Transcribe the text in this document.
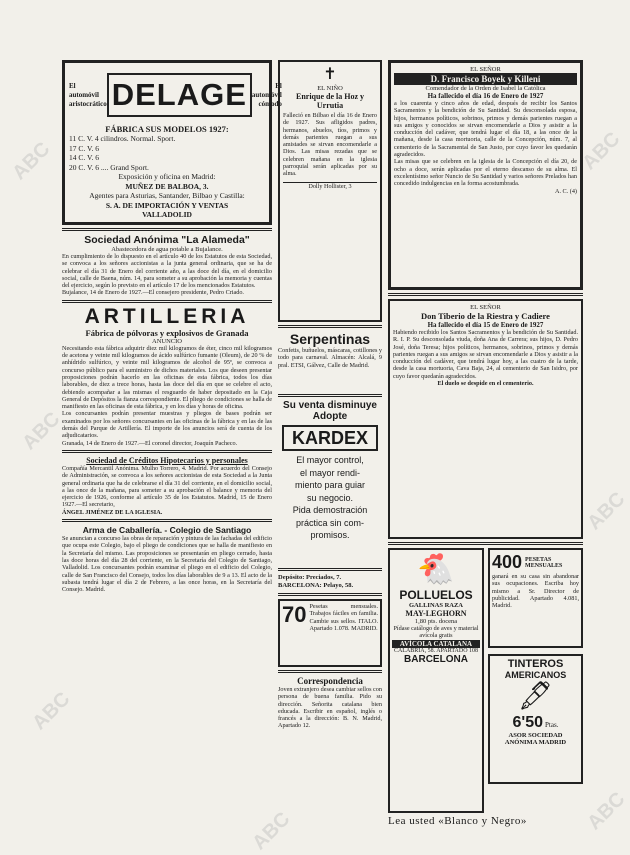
ABC
ABC
ABC
ABC
ABC
ABC
ABC
El automóvil
aristocrático DELAGE	El automóvil
cómodo
FÁBRICA SUS MODELOS 1927:
11 C. V. 4 cilindros. Normal. Sport.
17 C. V. 6
14 C. V. 6
20 C. V. 6 .... Grand Sport.
Exposición y oficina en Madrid:
MUÑEZ DE BALBOA, 3.
Agentes para Asturias, Santander, Bilbao y Castilla:
S. A. DE IMPORTACIÓN Y VENTAS
VALLADOLID
Sociedad Anónima "La Alameda"
Abastecedora de agua potable a Bujalance.
En cumplimiento de lo dispuesto en el artículo 40 de los Estatutos de esta Sociedad, se convoca a los señores accionistas a la junta general ordinaria, que se ha de celebrar el día 31 de Enero del corriente año, a las doce del día, en el domicilio social, calle de Baena, núm. 14, para someter a su aprobación la memoria y cuentas del ejercicio, según lo previsto en el artículo 17 de los mencionados Estatutos.
Bujalance, 14 de Enero de 1927.—El consejero presidente, Pedro Criado.
ARTILLERIA
Fábrica de pólvoras y explosivos de Granada
ANUNCIO
Necesitando esta fábrica adquirir diez mil kilogramos de éter, cinco mil kilogramos de acetona y veinte mil kilogramos de ácido sulfúrico fumante (Oleum), de 20 % de anhídrido sulfúrico, y veinte mil kilogramos de alcohol de 95º, se convoca a concurso público para el suministro de dichos materiales. Los que deseen presentar proposiciones podrán hacerlo en las oficinas de esta fábrica, todos los días laborables, de diez a trece horas, hasta las doce del día en que se celebre el acto, debiendo acompañar a las mismas el resguardo de haber depositado en la Caja General de Depósitos la fianza correspondiente. El pliego de condiciones se halla de manifiesto en las oficinas de esta fábrica, y en los días y horas de oficina.
Los concursantes podrán presentar muestras y pliegos de bases podrán ser examinados por los señores concursantes en las oficinas de la fábrica y en las de las demás del Parque de Artillería. El importe de los anuncios será de cuenta de los adjudicatarios.
Granada, 14 de Enero de 1927.—El coronel director, Joaquín Pacheco.
Sociedad de Créditos Hipotecarios y personales
Compañía Mercantil Anónima. Mulho Torrero, 4. Madrid. Por acuerdo del Consejo de Administración, se convoca a los señores accionistas de esta Sociedad a la Junta general ordinaria que ha de celebrarse el día 31 del corriente, en el domicilio social, a las once de la mañana, para someter a su aprobación el balance y memoria del ejercicio de 1926, conforme al artículo 35 de los Estatutos. Madrid, 15 de Enero 1927.—El secretario,
ÁNGEL JIMÉNEZ DE LA IGLESIA.
Arma de Caballería. - Colegio de Santiago
Se anuncian a concurso las obras de reparación y pintura de las fachadas del edificio que ocupa este Colegio, bajo el pliego de condiciones que se halla de manifiesto en la Secretaría del mismo. Las proposiciones se presentarán en pliego cerrado, hasta las doce horas del día 28 del corriente, en la Secretaría del Colegio de Santiago, Valladolid. Los concursantes podrán examinar el pliego en el edificio del Colegio, calle de San Francisco del Consejo, todos los días laborables de 9 a 13. El acto de la subasta tendrá lugar el día 2 de Febrero, a las once horas, en la Secretaría del Consejo. Madrid.
✝
EL NIÑO
Enrique de la Hoz y Urrutia
Falleció en Bilbao el día 16 de Enero de 1927. Sus afligidos padres, hermanos, abuelos, tíos, primos y demás parientes ruegan a sus amistades se sirvan encomendarle a Dios. Las misas rezadas que se celebren mañana en la iglesia parroquial serán aplicadas por su alma.
Dolly Hollister, 3
Serpentinas
Confetis, buñuelos, máscaras, cotillones y todo para carnaval. Almacén: Alcalá, 9 pral. ETSI, Gálvez, Calle de Madrid.
Su venta disminuye
Adopte
KARDEX
El mayor control,
el mayor rendi-
miento para guiar
su negocio.
Pida demostración
práctica sin com-
promisos.
Depósito: Preciados, 7.
BARCELONA: Pelayo, 58.
70 Pesetas mensuales. Trabajos fáciles en familia. Cambie sus sellos. ITALO. Apartado 1.078. MADRID.
Correspondencia
Joven extranjero desea cambiar sellos con persona de buena familia. Pido su dirección. Señorita catalana bien educada. Escribir en español, inglés o francés a la dirección: B. N. Madrid, Apartado 12.
EL SEÑOR
D. Francisco Boyek y Killeni
Comendador de la Orden de Isabel la Católica
Ha fallecido el día 16 de Enero de 1927
a los cuarenta y cinco años de edad, después de recibir los Santos Sacramentos y la bendición de Su Santidad. Su desconsolada esposa, hijos, hermanos políticos, sobrinos, primos y demás parientes ruegan a sus amigos y conocidos se sirvan encomendarle a Dios y asistir a la conducción del cadáver, que tendrá lugar el día 18, a las once de la mañana, desde la casa mortuoria, calle de la Concepción, núm. 7, al cementerio de la Sacramental de San Justo, por cuyo favor les quedarán agradecidos.
Las misas que se celebren en la iglesia de la Concepción el día 20, de ocho a doce, serán aplicadas por el eterno descanso de su alma. El excelentísimo señor Nuncio de Su Santidad y varios señores Prelados han concedido indulgencias en la forma acostumbrada.
A. C. (4)
EL SEÑOR
Don Tiberio de la Riestra y Cadiere
Ha fallecido el día 15 de Enero de 1927
Habiendo recibido los Santos Sacramentos y la bendición de Su Santidad. R. I. P. Su desconsolada viuda, doña Ana de Carrera; sus hijos, D. Pedro José, doña Teresa; hijos políticos, hermanos, sobrinos, primos y demás parientes ruegan a sus amigos se sirvan encomendarle a Dios y asistir a la conducción del cadáver, que tendrá lugar hoy, a las cuatro de la tarde, desde la casa mortuoria, Cava Baja, 24, al cementerio de San Isidro, por cuyo favor quedarán agradecidos.
El duelo se despide en el cementerio.
🐔
POLLUELOS
GALLINAS RAZA
MAY-LEGHORN
1,80 pts. docena
Pídase catálogo de aves y material avícola gratis
AVÍCOLA CATALANA
CALABRIA, 58. APARTADO 108
BARCELONA
400 PESETAS MENSUALES
ganará en su casa sin abandonar sus ocupaciones. Escriba hoy mismo a Sr. Director de publicidad. Apartado 4.081, Madrid.
TINTEROS
AMERICANOS
🖋
6'50 Ptas.
ASOR SOCIEDAD ANÓNIMA MADRID
Lea usted «Blanco y Negro»
